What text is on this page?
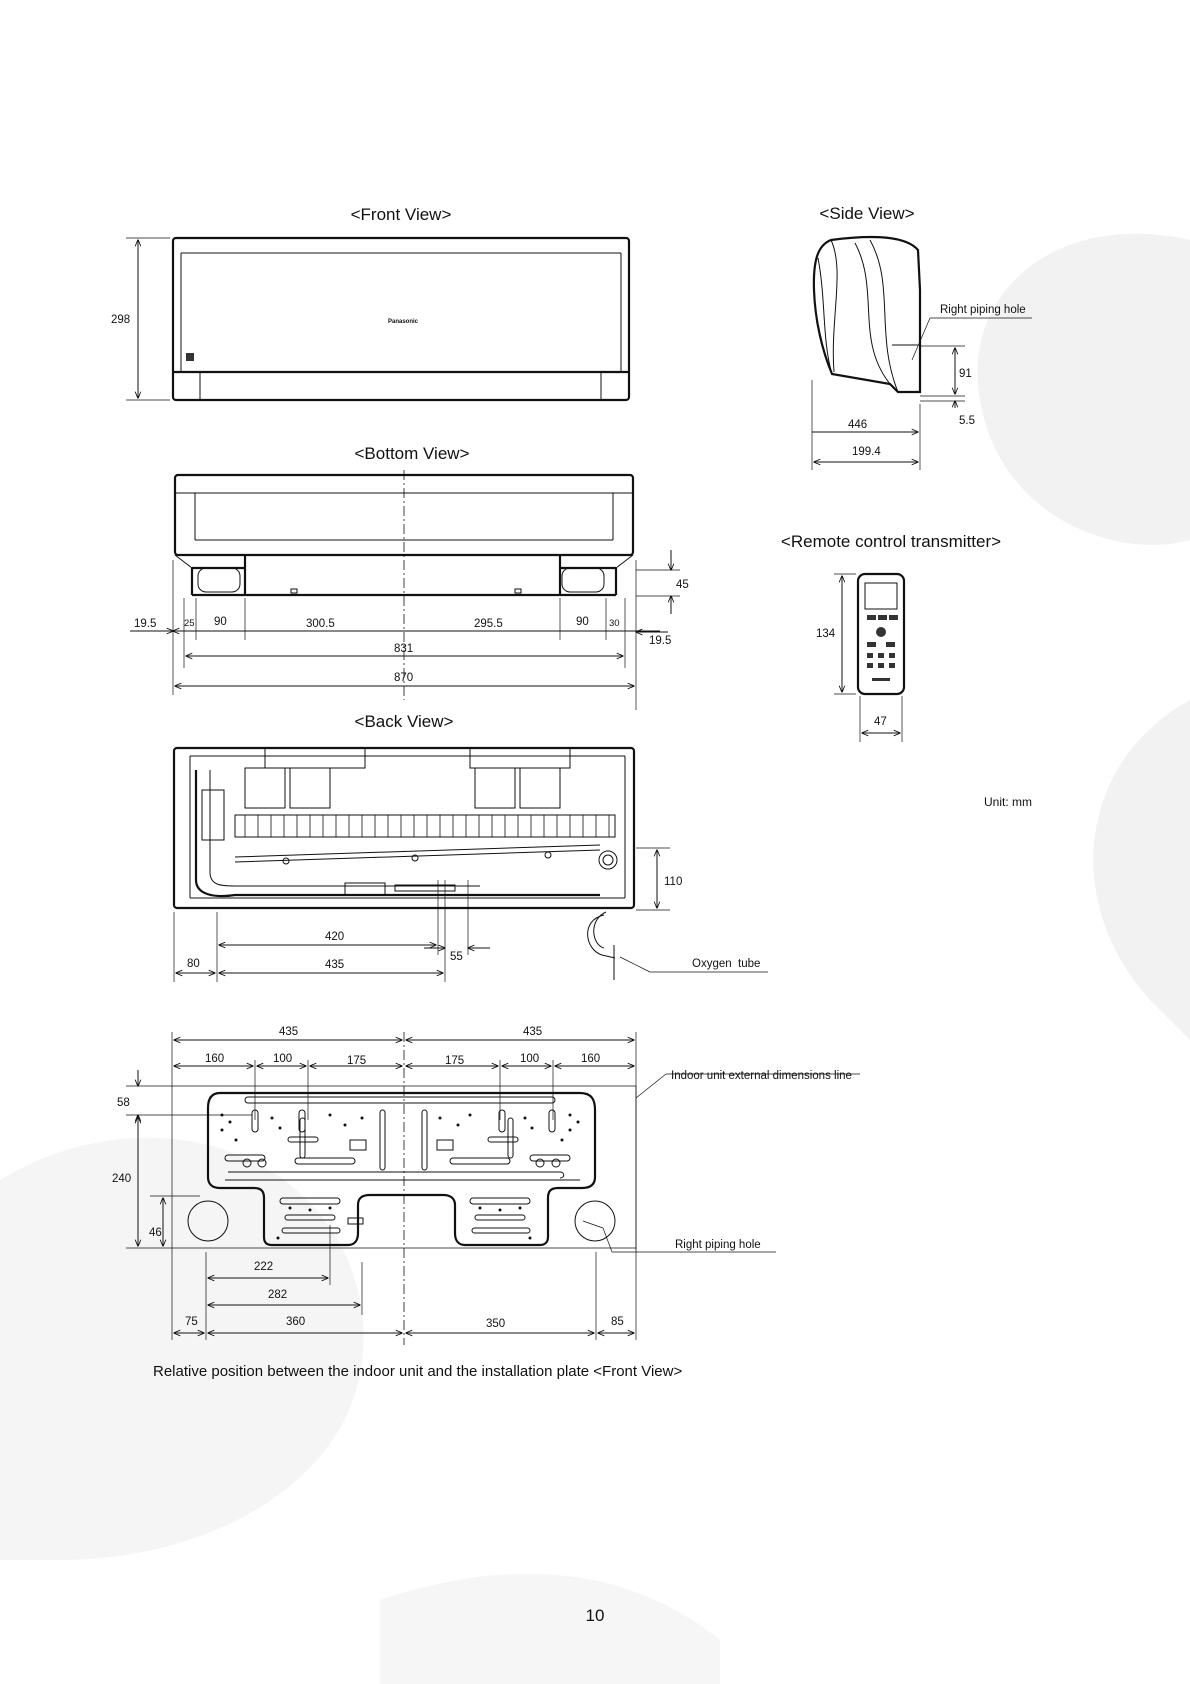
<Front View>
Panasonic
298
<Side View>
Right piping hole
91
5.5
446
199.4
<Bottom View>
45
19.5	25 90	300.5	295.5	90 30
19.5
831
870
<Remote control transmitter>
134
47
Unit: mm
<Back View>
110
420
55
80	435	Oxygen  tube
435	435
160	100	175	175	100	160
Indoor unit external dimensions line
Right piping hole
58
240
46
222
282
75	360	350	85
Relative position between the indoor unit and the installation plate <Front View>
10
